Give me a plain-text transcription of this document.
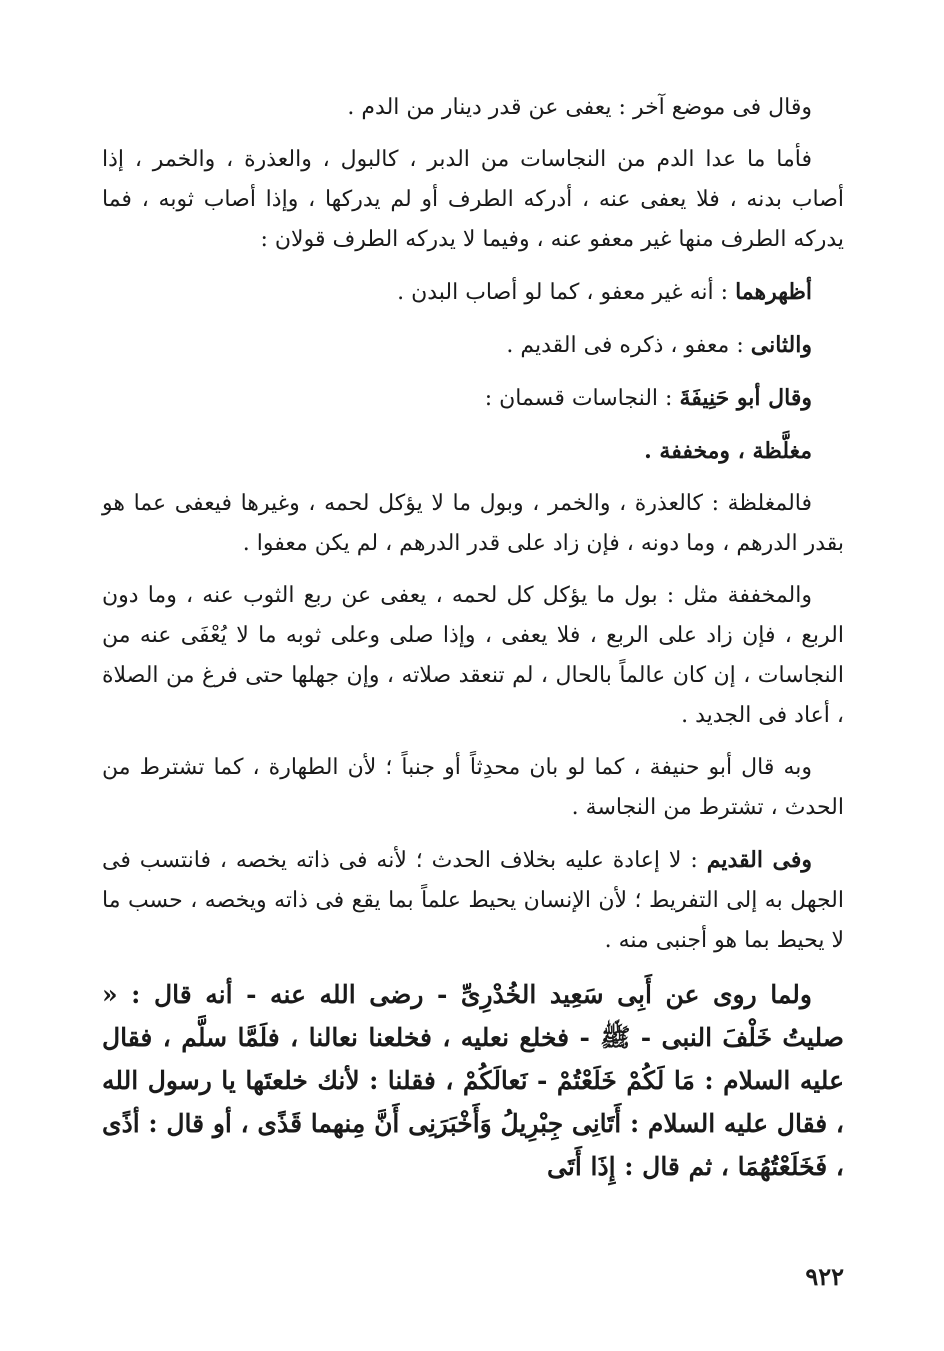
وقال فى موضع آخر : يعفى عن قدر دينار من الدم .

فأما ما عدا الدم من النجاسات من الدبر ، كالبول ، والعذرة ، والخمر ، إذا أصاب بدنه ، فلا يعفى عنه ، أدركه الطرف أو لم يدركها ، وإذا أصاب ثوبه ، فما يدركه الطرف منها غير معفو عنه ، وفيما لا يدركه الطرف قولان :

أظهرهما : أنه غير معفو ، كما لو أصاب البدن .

والثانى : معفو ، ذكره فى القديم .

وقال أبو حَنِيفَةَ : النجاسات قسمان :

مغلَّظة ، ومخففة .

فالمغلظة : كالعذرة ، والخمر ، وبول ما لا يؤكل لحمه ، وغيرها فيعفى عما هو بقدر الدرهم ، وما دونه ، فإن زاد على قدر الدرهم ، لم يكن معفوا .

والمخففة مثل : بول ما يؤكل كل لحمه ، يعفى عن ربع الثوب عنه ، وما دون الربع ، فإن زاد على الربع ، فلا يعفى ، وإذا صلى وعلى ثوبه ما لا يُعْفَى عنه من النجاسات ، إن كان عالماً بالحال ، لم تنعقد صلاته ، وإن جهلها حتى فرغ من الصلاة ، أعاد فى الجديد .

وبه قال أبو حنيفة ، كما لو بان محدِثاً أو جنباً ؛ لأن الطهارة ، كما تشترط من الحدث ، تشترط من النجاسة .

وفى القديم : لا إعادة عليه بخلاف الحدث ؛ لأنه فى ذاته يخصه ، فانتسب فى الجهل به إلى التفريط ؛ لأن الإنسان يحيط علماً بما يقع فى ذاته ويخصه ، حسب ما لا يحيط بما هو أجنبى منه .

ولما روى عن أَبِى سَعِيد الخُدْرِىِّ - رضى الله عنه - أنه قال : « صليتُ خَلْفَ النبى - ﷺ - فخلع نعليه ، فخلعنا نعالنا ، فلَمَّا سلَّم ، فقال عليه السلام : مَا لَكُمْ خَلَعْتُمْ - نَعالَكُمْ ، فقلنا : لأنك خلعتَها يا رسول الله ، فقال عليه السلام : أَتَانِى جِبْرِيلُ وَأَخْبَرَنِى أَنَّ مِنهما قَذًى ، أو قال : أذًى ، فَخَلَعْتُهُمَا ، ثم قال : إِذَا أَتَى

٩٢٢
